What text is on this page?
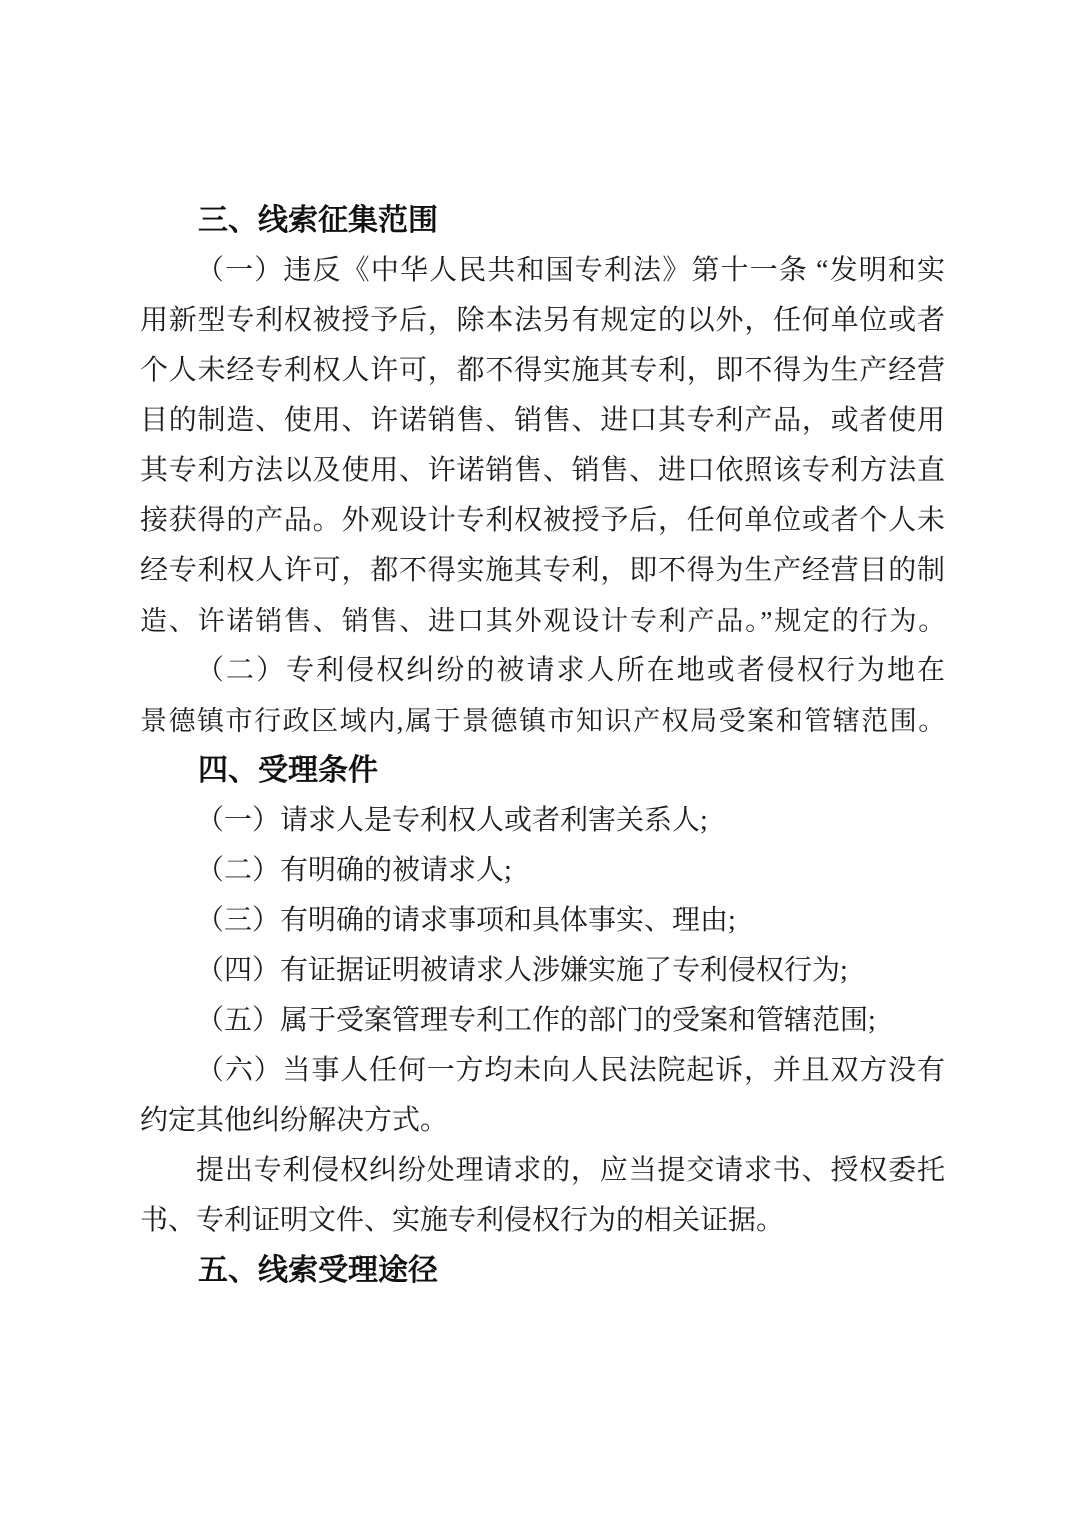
三、线索征集范围
（一）违反《中华人民共和国专利法》第十一条 “发明和实
用新型专利权被授予后，除本法另有规定的以外，任何单位或者
个人未经专利权人许可，都不得实施其专利，即不得为生产经营
目的制造、使用、许诺销售、销售、进口其专利产品，或者使用
其专利方法以及使用、许诺销售、销售、进口依照该专利方法直
接获得的产品。外观设计专利权被授予后，任何单位或者个人未
经专利权人许可，都不得实施其专利，即不得为生产经营目的制
造、许诺销售、销售、进口其外观设计专利产品。”规定的行为。
（二）专利侵权纠纷的被请求人所在地或者侵权行为地在
景德镇市行政区域内,属于景德镇市知识产权局受案和管辖范围。
四、受理条件
（一）请求人是专利权人或者利害关系人;
（二）有明确的被请求人;
（三）有明确的请求事项和具体事实、理由;
（四）有证据证明被请求人涉嫌实施了专利侵权行为;
（五）属于受案管理专利工作的部门的受案和管辖范围;
（六）当事人任何一方均未向人民法院起诉，并且双方没有
约定其他纠纷解决方式。
提出专利侵权纠纷处理请求的，应当提交请求书、授权委托
书、专利证明文件、实施专利侵权行为的相关证据。
五、线索受理途径
